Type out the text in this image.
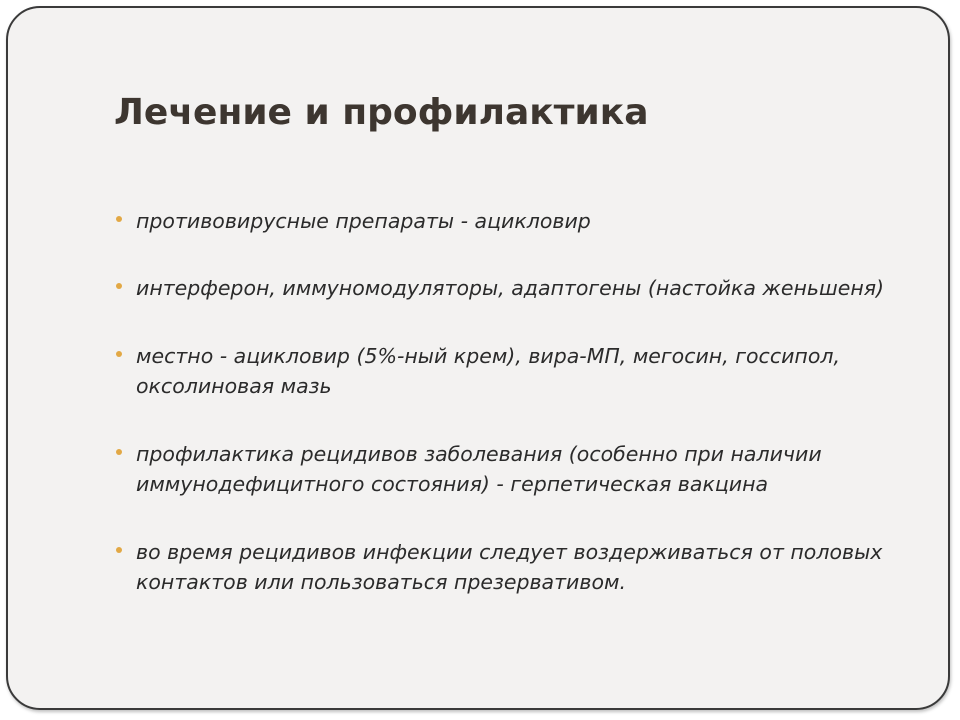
Лечение и профилактика
противовирусные препараты - ацикловир
интерферон, иммуномодуляторы, адаптогены (настойка женьшеня)
местно - ацикловир (5%-ный крем), вира-МП, мегосин, госсипол, оксолиновая мазь
профилактика рецидивов заболевания (особенно при наличии иммунодефицитного состояния) - герпетическая вакцина
во время рецидивов инфекции следует воздерживаться от половых контактов или пользоваться презервативом.
